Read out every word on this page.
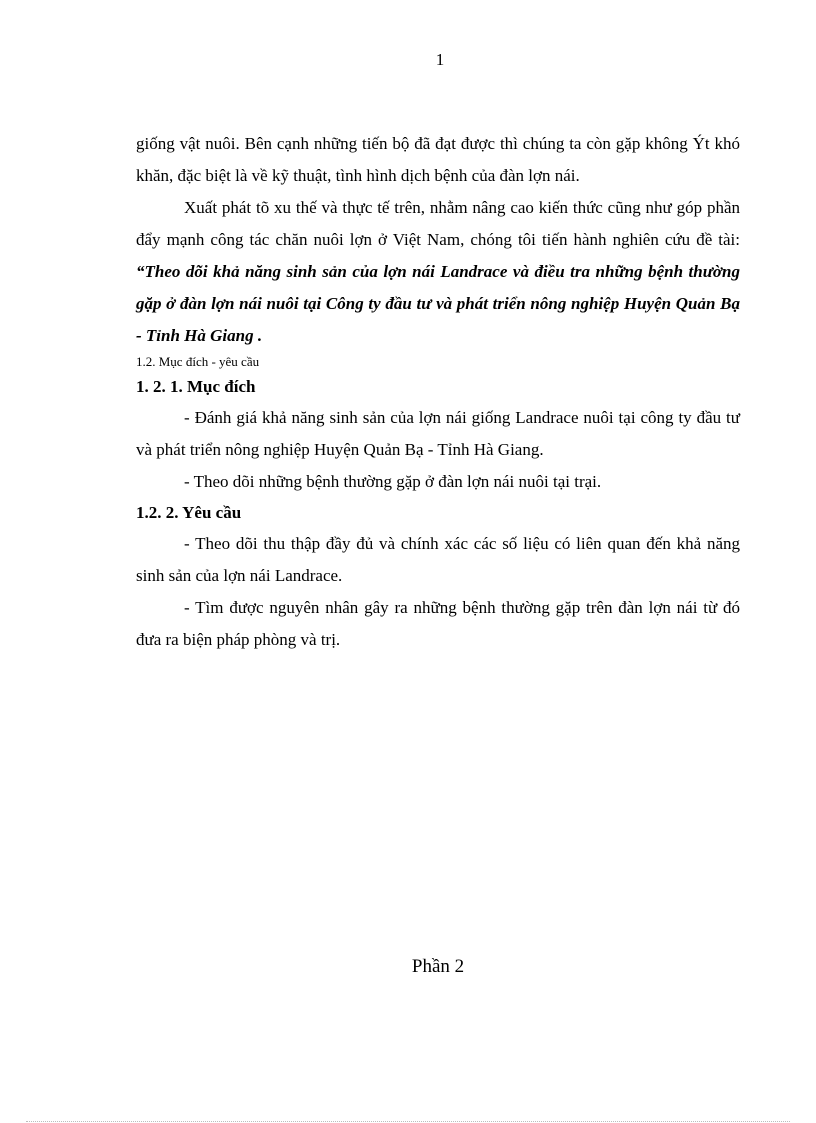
1

giống vật nuôi. Bên cạnh những tiến bộ đã đạt được thì chúng ta còn gặp không Ýt khó khăn, đặc biệt là về kỹ thuật, tình hình dịch bệnh của đàn lợn nái.

Xuất phát tõ xu thế và thực tế trên, nhằm nâng cao kiến thức cũng như góp phần đẩy mạnh công tác chăn nuôi lợn ở Việt Nam, chóng tôi tiến hành nghiên cứu đề tài: “Theo dõi khả năng sinh sản của lợn nái Landrace và điều tra những bệnh thường gặp ở đàn lợn nái nuôi tại Công ty đầu tư và phát triển nông nghiệp Huyện Quản Bạ - Tỉnh Hà Giang .

1.2. Mục đích - yêu cầu

1. 2. 1. Mục đích

- Đánh giá khả năng sinh sản của lợn nái giống Landrace nuôi tại công ty đầu tư và phát triển nông nghiệp Huyện Quản Bạ - Tỉnh Hà Giang.

- Theo dõi những bệnh thường gặp ở đàn lợn nái nuôi tại trại.

1.2. 2. Yêu cầu

- Theo dõi thu thập đầy đủ và chính xác các số liệu có liên quan đến khả năng sinh sản của lợn nái Landrace.

- Tìm được nguyên nhân gây ra những bệnh thường gặp trên đàn lợn nái từ đó đưa ra biện pháp phòng và trị.

Phần 2
